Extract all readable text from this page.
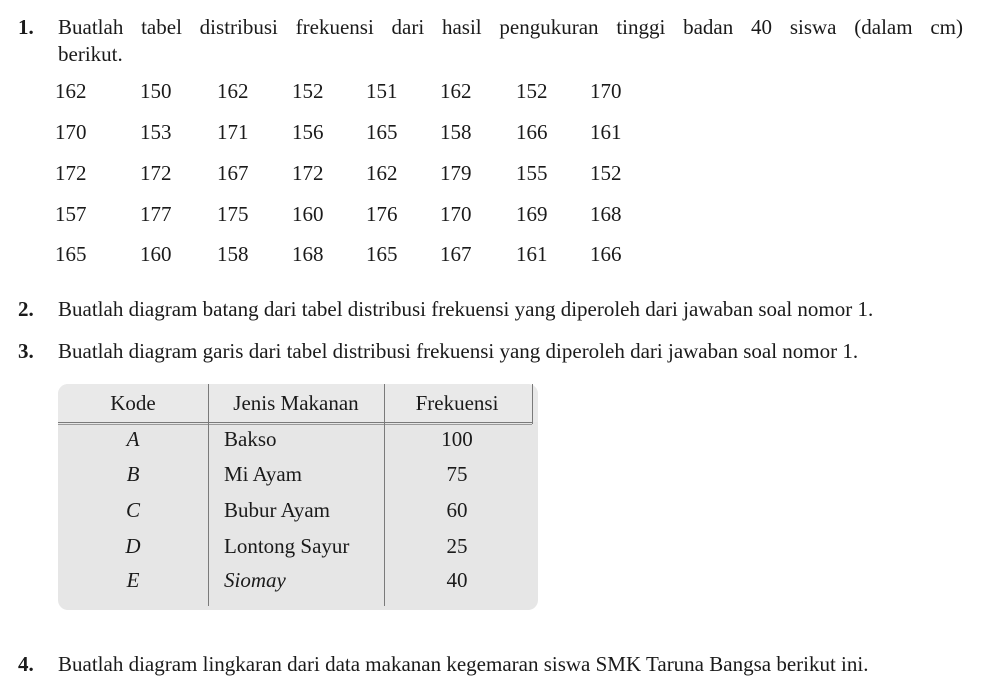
1. Buatlah tabel distribusi frekuensi dari hasil pengukuran tinggi badan 40 siswa (dalam cm)
berikut.
162	150 162 152 151 162 152 170
170	153 171 156 165 158 166 161
172	172 167 172 162 179 155 152
157	177 175 160 176 170 169 168
165	160 158 168 165 167 161 166
2. Buatlah diagram batang dari tabel distribusi frekuensi yang diperoleh dari jawaban soal nomor 1.
3. Buatlah diagram garis dari tabel distribusi frekuensi yang diperoleh dari jawaban soal nomor 1.
Kode	Jenis Makanan	Frekuensi
A	Bakso	100
B	Mi Ayam	75
C	Bubur Ayam	60
D	Lontong Sayur	25
E	Siomay	40
4. Buatlah diagram lingkaran dari data makanan kegemaran siswa SMK Taruna Bangsa berikut ini.
